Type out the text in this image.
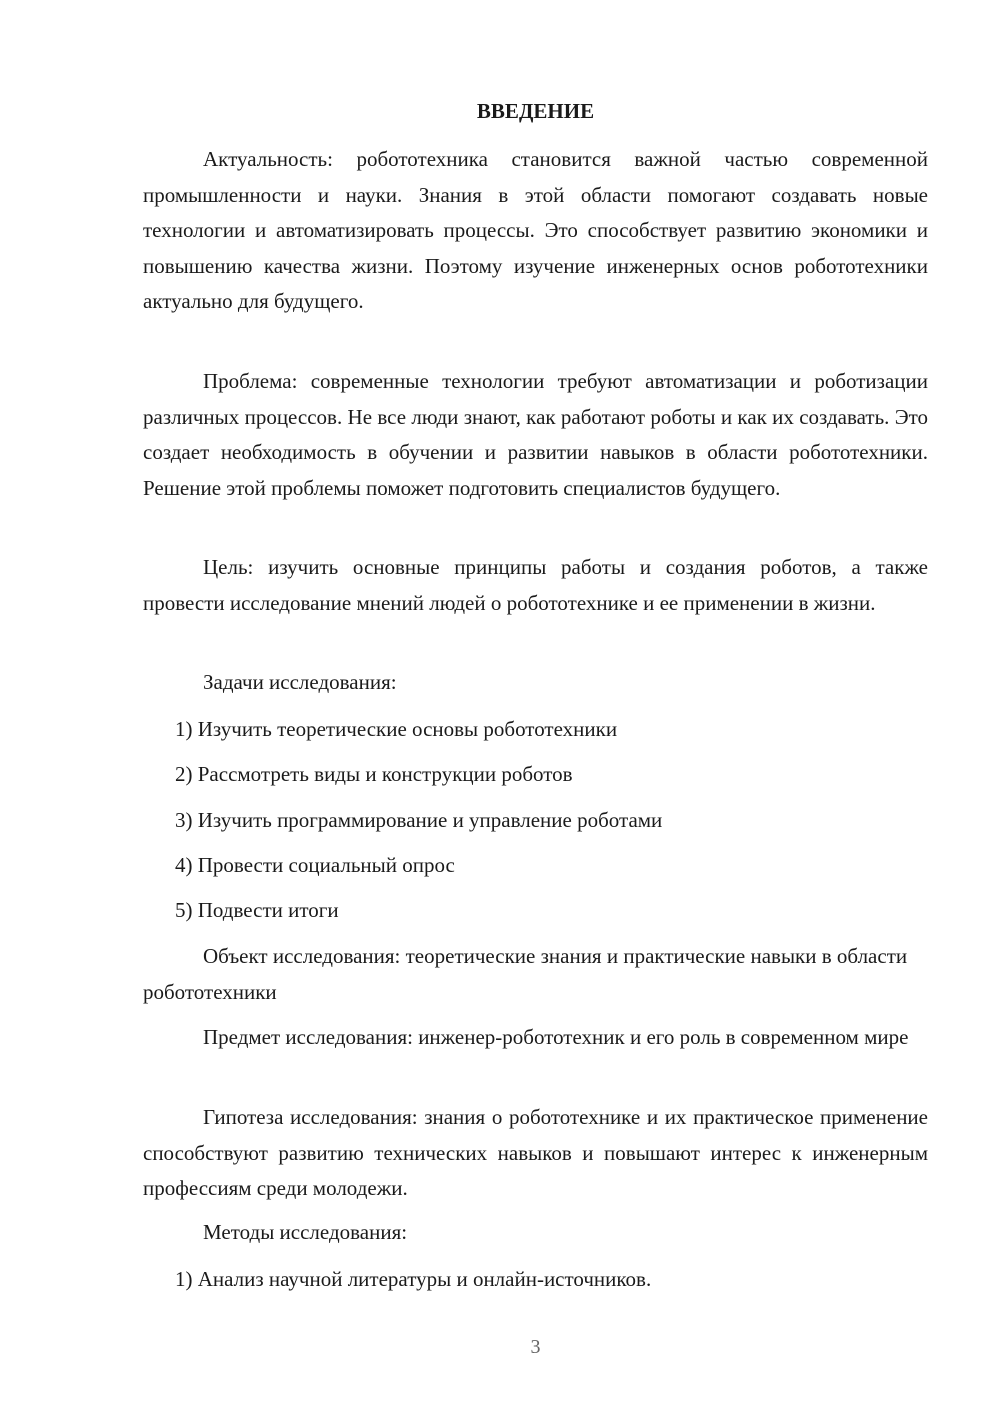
ВВЕДЕНИЕ

Актуальность: робототехника становится важной частью современной промышленности и науки. Знания в этой области помогают создавать новые технологии и автоматизировать процессы. Это способствует развитию экономики и повышению качества жизни. Поэтому изучение инженерных основ робототехники актуально для будущего.

Проблема: современные технологии требуют автоматизации и роботизации различных процессов. Не все люди знают, как работают роботы и как их создавать. Это создает необходимость в обучении и развитии навыков в области робототехники. Решение этой проблемы поможет подготовить специалистов будущего.

Цель: изучить основные принципы работы и создания роботов, а также провести исследование мнений людей о робототехнике и ее применении в жизни.

Задачи исследования:

1) Изучить теоретические основы робототехники

2) Рассмотреть виды и конструкции роботов

3) Изучить программирование и управление роботами

4) Провести социальный опрос

5) Подвести итоги

Объект исследования: теоретические знания и практические навыки в области робототехники

Предмет исследования: инженер-робототехник и его роль в современном мире

Гипотеза исследования: знания о робототехнике и их практическое применение способствуют развитию технических навыков и повышают интерес к инженерным профессиям среди молодежи.

Методы исследования:

1) Анализ научной литературы и онлайн-источников.

3
